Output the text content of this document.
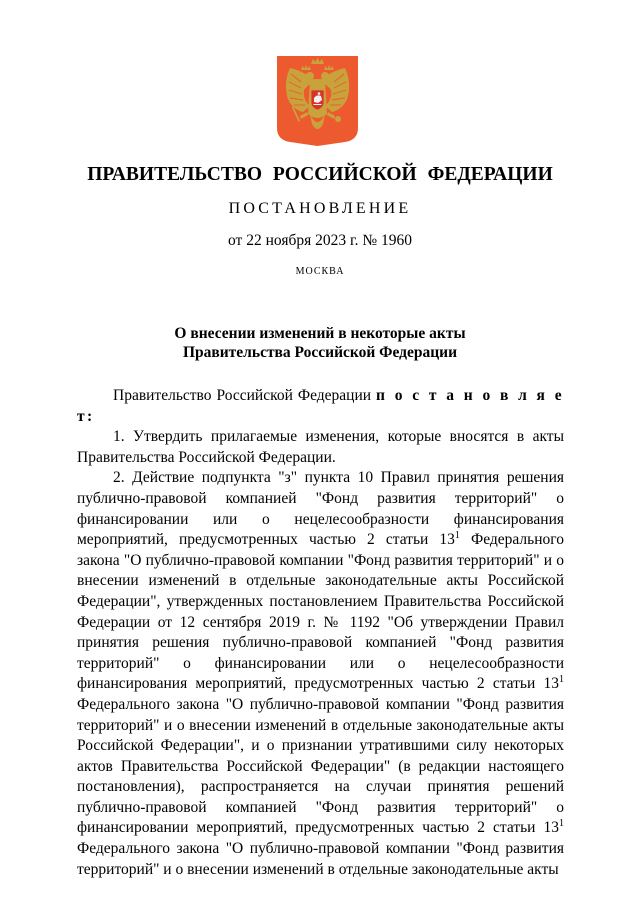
ПРАВИТЕЛЬСТВО РОССИЙСКОЙ ФЕДЕРАЦИИ
ПОСТАНОВЛЕНИЕ
от 22 ноября 2023 г. № 1960
МОСКВА
О внесении изменений в некоторые акты
Правительства Российской Федерации

Правительство Российской Федерации п о с т а н о в л я е т:

1. Утвердить прилагаемые изменения, которые вносятся в акты Правительства Российской Федерации.

2. Действие подпункта "з" пункта 10 Правил принятия решения публично-правовой компанией "Фонд развития территорий" о финансировании или о нецелесообразности финансирования мероприятий, предусмотренных частью 2 статьи $13^1$ Федерального закона "О публично-правовой компании "Фонд развития территорий" и о внесении изменений в отдельные законодательные акты Российской Федерации", утвержденных постановлением Правительства Российской Федерации от 12 сентября 2019 г. № 1192 "Об утверждении Правил принятия решения публично-правовой компанией "Фонд развития территорий" о финансировании или о нецелесообразности финансирования мероприятий, предусмотренных частью 2 статьи $13^1$ Федерального закона "О публично-правовой компании "Фонд развития территорий" и о внесении изменений в отдельные законодательные акты Российской Федерации", и о признании утратившими силу некоторых актов Правительства Российской Федерации" (в редакции настоящего постановления), распространяется на случаи принятия решений публично-правовой компанией "Фонд развития территорий" о финансировании мероприятий, предусмотренных частью 2 статьи $13^1$ Федерального закона "О публично-правовой компании "Фонд развития территорий" и о внесении изменений в отдельные законодательные акты
